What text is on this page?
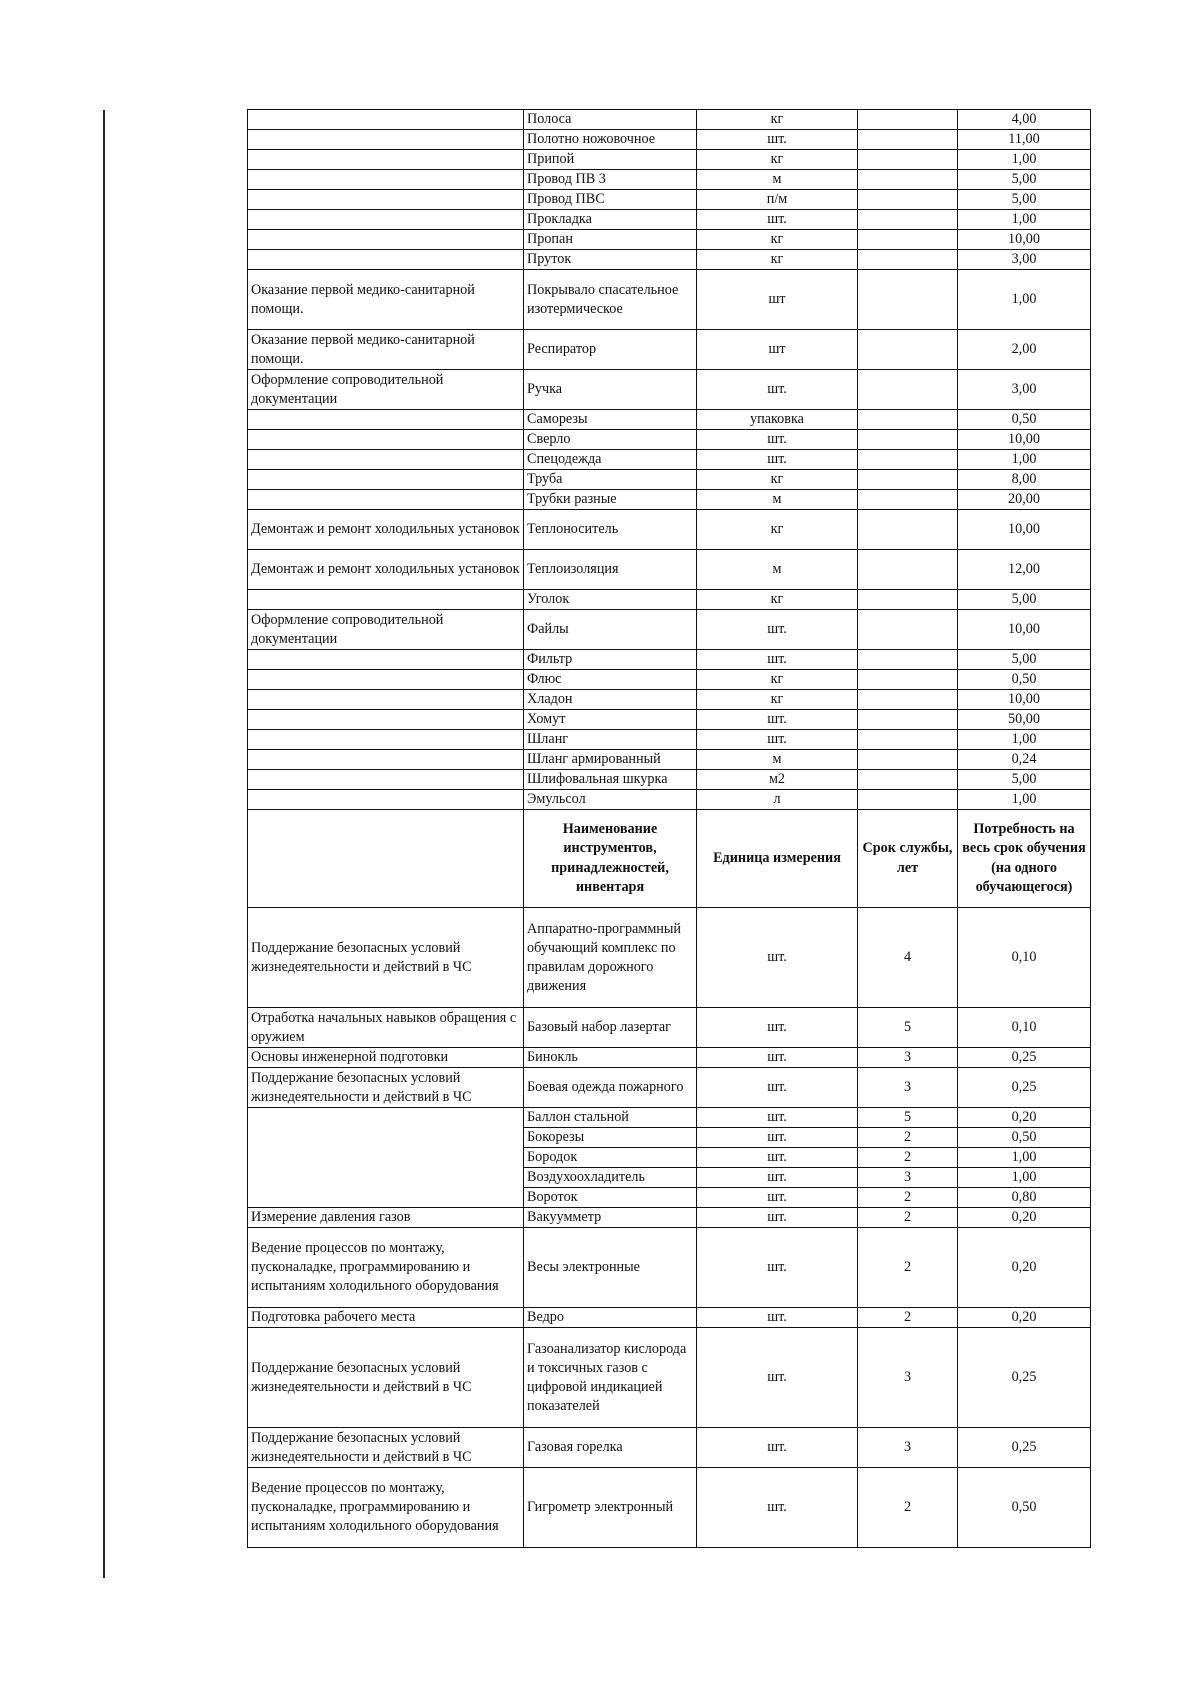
	Полоса	кг		4,00
	Полотно ножовочное	шт.		11,00
	Припой	кг		1,00
	Провод ПВ 3	м		5,00
	Провод ПВС	п/м		5,00
	Прокладка	шт.		1,00
	Пропан	кг		10,00
	Пруток	кг		3,00
Оказание первой медико-санитарной помощи.	Покрывало спасательное изотермическое	шт		1,00
Оказание первой медико-санитарной помощи.	Респиратор	шт		2,00
Оформление сопроводительной документации	Ручка	шт.		3,00
	Саморезы	упаковка		0,50
	Сверло	шт.		10,00
	Спецодежда	шт.		1,00
	Труба	кг		8,00
	Трубки разные	м		20,00
Демонтаж и ремонт холодильных установок	Теплоноситель	кг		10,00
Демонтаж и ремонт холодильных установок	Теплоизоляция	м		12,00
	Уголок	кг		5,00
Оформление сопроводительной документации	Файлы	шт.		10,00
	Фильтр	шт.		5,00
	Флюс	кг		0,50
	Хладон	кг		10,00
	Хомут	шт.		50,00
	Шланг	шт.		1,00
	Шланг армированный	м		0,24
	Шлифовальная шкурка	м2		5,00
	Эмульсол	л		1,00
	Наименование инструментов, принадлежностей, инвентаря	Единица измерения	Срок службы, лет	Потребность на весь срок обучения (на одного обучающегося)
Поддержание безопасных условий жизнедеятельности и действий в ЧС	Аппаратно-программный обучающий комплекс по правилам дорожного движения	шт.	4	0,10
Отработка начальных навыков обращения с оружием	Базовый набор лазертаг	шт.	5	0,10
Основы инженерной подготовки	Бинокль	шт.	3	0,25
Поддержание безопасных условий жизнедеятельности и действий в ЧС	Боевая одежда пожарного	шт.	3	0,25
	Баллон стальной	шт.	5	0,20
	Бокорезы	шт.	2	0,50
	Бородок	шт.	2	1,00
	Воздухоохладитель	шт.	3	1,00
	Вороток	шт.	2	0,80
Измерение давления газов	Вакуумметр	шт.	2	0,20
Ведение процессов по монтажу, пусконаладке, программированию и испытаниям холодильного оборудования	Весы электронные	шт.	2	0,20
Подготовка рабочего места	Ведро	шт.	2	0,20
Поддержание безопасных условий жизнедеятельности и действий в ЧС	Газоанализатор кислорода и токсичных газов с цифровой индикацией показателей	шт.	3	0,25
Поддержание безопасных условий жизнедеятельности и действий в ЧС	Газовая горелка	шт.	3	0,25
Ведение процессов по монтажу, пусконаладке, программированию и испытаниям холодильного оборудования	Гигрометр электронный	шт.	2	0,50
